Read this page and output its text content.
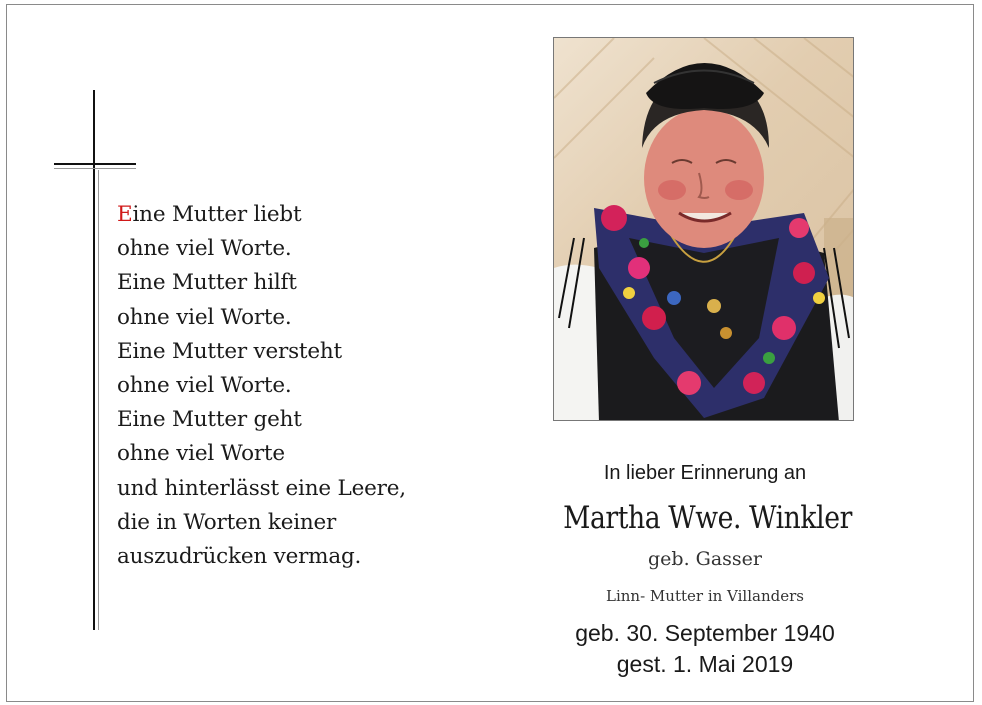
Eine Mutter liebt
ohne viel Worte.
Eine Mutter hilft
ohne viel Worte.
Eine Mutter versteht
ohne viel Worte.
Eine Mutter geht
ohne viel Worte
und hinterlässt eine Leere,
die in Worten keiner
auszudrücken vermag.
In lieber Erinnerung an
Martha Wwe. Winkler
geb. Gasser
Linn- Mutter in Villanders
geb. 30. September 1940
gest. 1. Mai 2019
